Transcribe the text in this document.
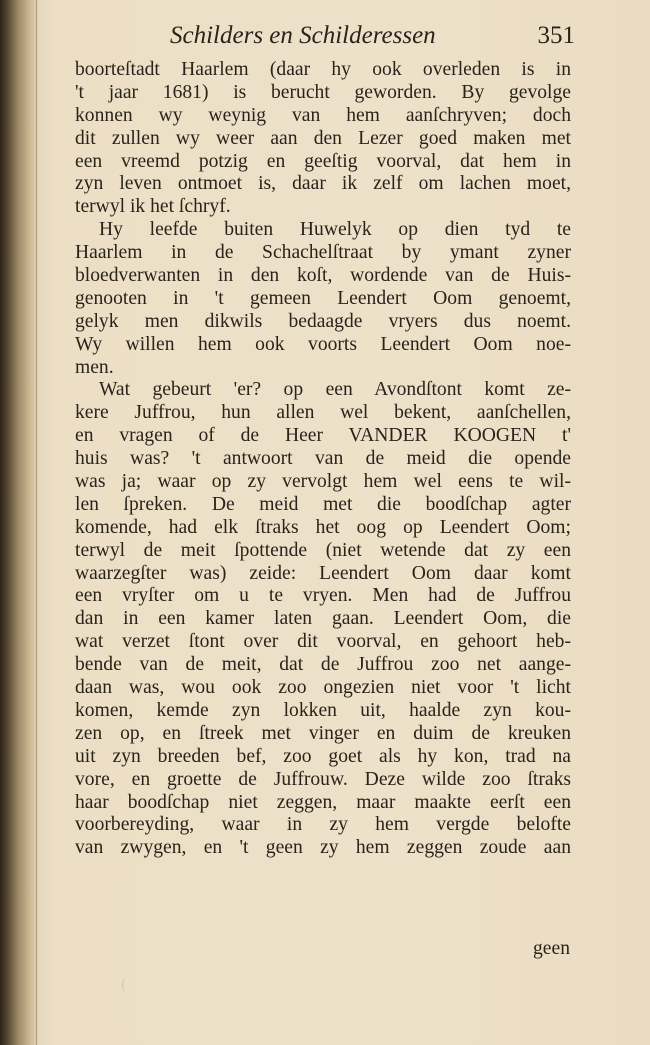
Schilders en Schilderessen	351
boorteſtadt Haarlem (daar hy ook overleden is in
't jaar 1681) is berucht geworden. By gevolge
konnen wy weynig van hem aanſchryven; doch
dit zullen wy weer aan den Lezer goed maken met
een vreemd potzig en geeſtig voorval, dat hem in
zyn leven ontmoet is, daar ik zelf om lachen moet,
terwyl ik het ſchryf.
Hy leefde buiten Huwelyk op dien tyd te
Haarlem in de Schachelſtraat by ymant zyner
bloedverwanten in den koſt, wordende van de Huis-
genooten in 't gemeen Leendert Oom genoemt,
gelyk men dikwils bedaagde vryers dus noemt.
Wy willen hem ook voorts Leendert Oom noe-
men.
Wat gebeurt 'er? op een Avondſtont komt ze-
kere Juffrou, hun allen wel bekent, aanſchellen,
en vragen of de Heer VANDER KOOGEN t'
huis was? 't antwoort van de meid die opende
was ja; waar op zy vervolgt hem wel eens te wil-
len ſpreken. De meid met die boodſchap agter
komende, had elk ſtraks het oog op Leendert Oom;
terwyl de meit ſpottende (niet wetende dat zy een
waarzegſter was) zeide: Leendert Oom daar komt
een vryſter om u te vryen. Men had de Juffrou
dan in een kamer laten gaan. Leendert Oom, die
wat verzet ſtont over dit voorval, en gehoort heb-
bende van de meit, dat de Juffrou zoo net aange-
daan was, wou ook zoo ongezien niet voor 't licht
komen, kemde zyn lokken uit, haalde zyn kou-
zen op, en ſtreek met vinger en duim de kreuken
uit zyn breeden bef, zoo goet als hy kon, trad na
vore, en groette de Juffrouw. Deze wilde zoo ſtraks
haar boodſchap niet zeggen, maar maakte eerſt een
voorbereyding, waar in zy hem vergde belofte
van zwygen, en 't geen zy hem zeggen zoude aan
geen
